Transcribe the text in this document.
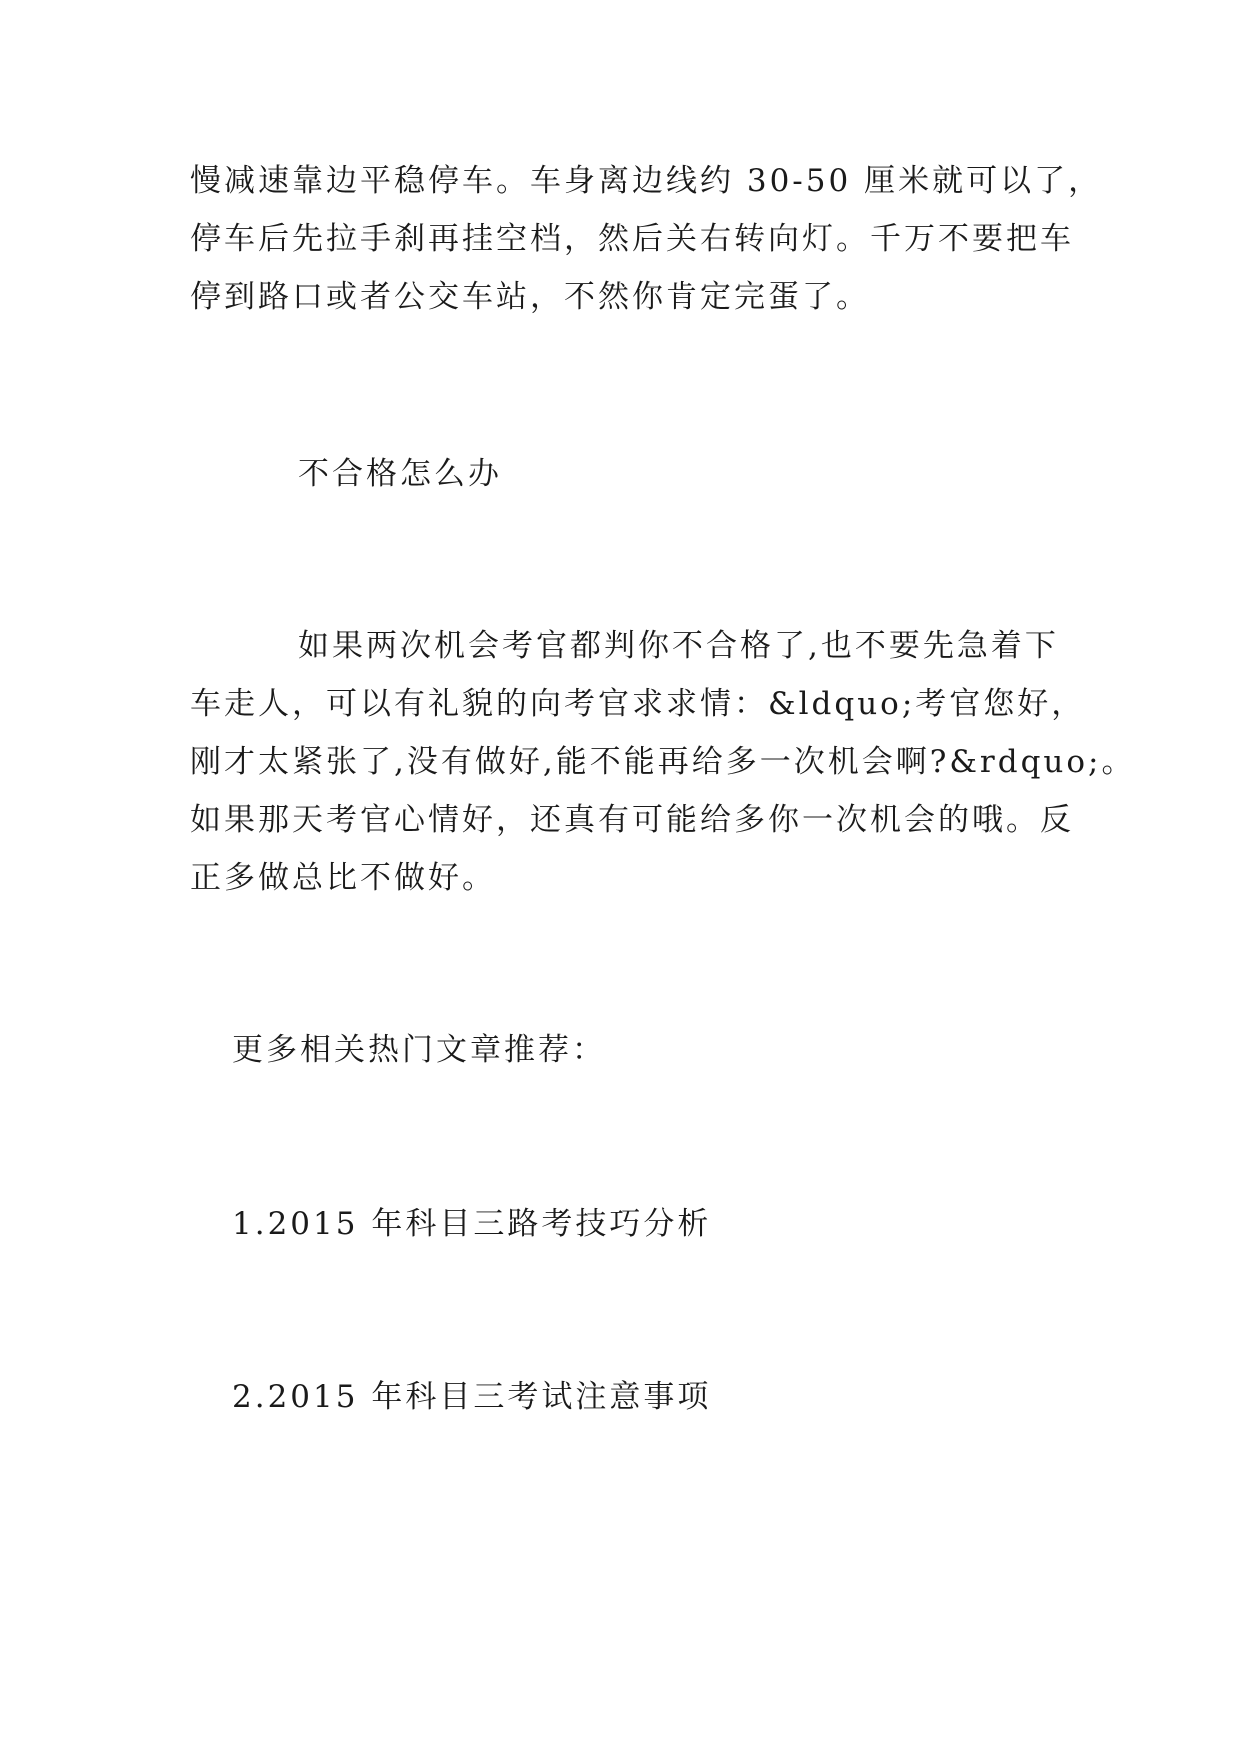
慢减速靠边平稳停车。车身离边线约 30-50 厘米就可以了，
停车后先拉手刹再挂空档，然后关右转向灯。千万不要把车
停到路口或者公交车站，不然你肯定完蛋了。
不合格怎么办
如果两次机会考官都判你不合格了,也不要先急着下
车走人，可以有礼貌的向考官求求情：&ldquo;考官您好，
刚才太紧张了,没有做好,能不能再给多一次机会啊?&rdquo;。
如果那天考官心情好，还真有可能给多你一次机会的哦。反
正多做总比不做好。
更多相关热门文章推荐：
1.2015 年科目三路考技巧分析
2.2015 年科目三考试注意事项
